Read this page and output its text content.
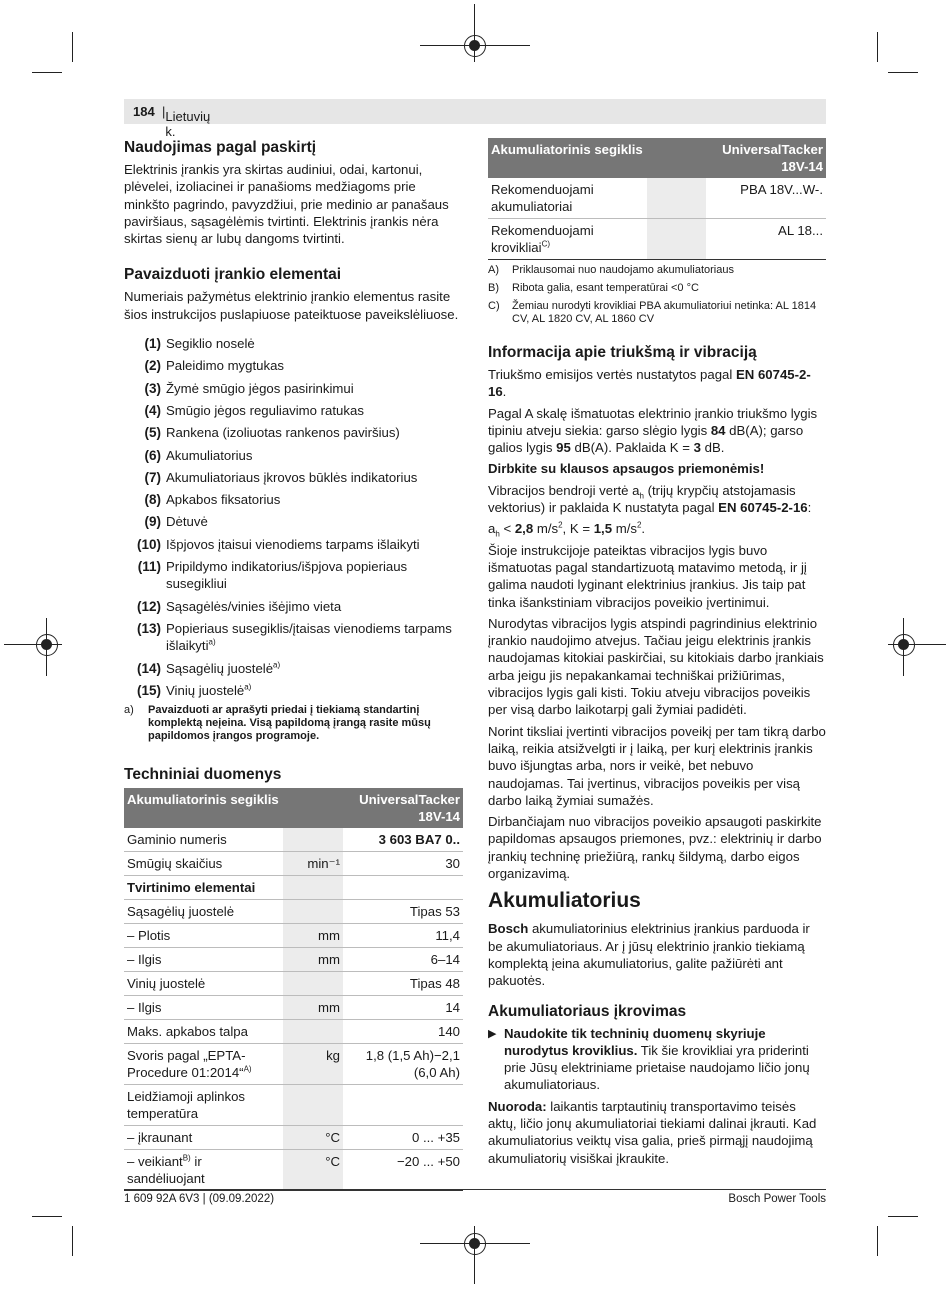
184 | Lietuvių k.
Naudojimas pagal paskirtį

Elektrinis įrankis yra skirtas audiniui, odai, kartonui, plėvelei, izoliacinei ir panašioms medžiagoms prie minkšto pagrindo, pavyzdžiui, prie medinio ar panašaus paviršiaus, sąsagėlėmis tvirtinti. Elektrinis įrankis nėra skirtas sienų ar lubų dangoms tvirtinti.

Pavaizduoti įrankio elementai

Numeriais pažymėtus elektrinio įrankio elementus rasite šios instrukcijos puslapiuose pateiktuose paveikslėliuose.

(1) Segiklio noselė
(2) Paleidimo mygtukas
(3) Žymė smūgio jėgos pasirinkimui
(4) Smūgio jėgos reguliavimo ratukas
(5) Rankena (izoliuotas rankenos paviršius)
(6) Akumuliatorius
(7) Akumuliatoriaus įkrovos būklės indikatorius
(8) Apkabos fiksatorius
(9) Dėtuvė
(10) Išpjovos įtaisui vienodiems tarpams išlaikyti
(11) Pripildymo indikatorius/išpjova popieriaus susegikliui
(12) Sąsagėlės/vinies išėjimo vieta
(13) Popieriaus susegiklis/įtaisas vienodiems tarpams išlaikyti$^{a)}$
(14) Sąsagėlių juostelė$^{a)}$
(15) Vinių juostelė$^{a)}$
a)	Pavaizduoti ar aprašyti priedai į tiekiamą standartinį komplektą neįeina. Visą papildomą įrangą rasite mūsų papildomos įrangos programoje.
Techniniai duomenys
Akumuliatorinis segiklis		UniversalTacker 18V-14
Gaminio numeris		3 603 BA7 0..
Smūgių skaičius	min⁻¹	30
Tvirtinimo elementai		
Sąsagėlių juostelė		Tipas 53
– Plotis	mm	11,4
– Ilgis	mm	6–14
Vinių juostelė		Tipas 48
– Ilgis	mm	14
Maks. apkabos talpa		140
Svoris pagal „EPTA-Procedure 01:2014“$^{A)}$	kg	1,8 (1,5 Ah)−2,1 (6,0 Ah)
Leidžiamoji aplinkos temperatūra		
– įkraunant	°C	0 ... +35
– veikiant$^{B)}$ ir sandėliuojant	°C	−20 ... +50
Akumuliatorinis segiklis		UniversalTacker 18V-14
Rekomenduojami akumuliatoriai		PBA 18V...W-.
Rekomenduojami krovikliai$^{C)}$		AL 18...
A)	Priklausomai nuo naudojamo akumuliatoriaus
B)	Ribota galia, esant temperatūrai <0 °C
C)	Žemiau nurodyti krovikliai PBA akumuliatoriui netinka: AL 1814 CV, AL 1820 CV, AL 1860 CV
Informacija apie triukšmą ir vibraciją

Triukšmo emisijos vertės nustatytos pagal EN 60745-2-16.

Pagal A skalę išmatuotas elektrinio įrankio triukšmo lygis tipiniu atveju siekia: garso slėgio lygis 84 dB(A); garso galios lygis 95 dB(A). Paklaida K = 3 dB.

Dirbkite su klausos apsaugos priemonėmis!

Vibracijos bendroji vertė $a_h$ (trijų krypčių atstojamasis vektorius) ir paklaida K nustatyta pagal EN 60745-2-16:

$a_h < 2,8$ $m/s^2$, K = 1,5 $m/s^2$.

Šioje instrukcijoje pateiktas vibracijos lygis buvo išmatuotas pagal standartizuotą matavimo metodą, ir jį galima naudoti lyginant elektrinius įrankius. Jis taip pat tinka išankstiniam vibracijos poveikio įvertinimui.

Nurodytas vibracijos lygis atspindi pagrindinius elektrinio įrankio naudojimo atvejus. Tačiau jeigu elektrinis įrankis naudojamas kitokiai paskirčiai, su kitokiais darbo įrankiais arba jeigu jis nepakankamai techniškai prižiūrimas, vibracijos lygis gali kisti. Tokiu atveju vibracijos poveikis per visą darbo laikotarpį gali žymiai padidėti.

Norint tiksliai įvertinti vibracijos poveikį per tam tikrą darbo laiką, reikia atsižvelgti ir į laiką, per kurį elektrinis įrankis buvo išjungtas arba, nors ir veikė, bet nebuvo naudojamas. Tai įvertinus, vibracijos poveikis per visą darbo laiką žymiai sumažės.

Dirbančiajam nuo vibracijos poveikio apsaugoti paskirkite papildomas apsaugos priemones, pvz.: elektrinių ir darbo įrankių techninę priežiūrą, rankų šildymą, darbo eigos organizavimą.

Akumuliatorius

Bosch akumuliatorinius elektrinius įrankius parduoda ir be akumuliatoriaus. Ar į jūsų elektrinio įrankio tiekiamą komplektą įeina akumuliatorius, galite pažiūrėti ant pakuotės.

Akumuliatoriaus įkrovimas
▶ Naudokite tik techninių duomenų skyriuje nurodytus kroviklius. Tik šie krovikliai yra priderinti prie Jūsų elektriniame prietaise naudojamo ličio jonų akumuliatoriaus.

Nuoroda: laikantis tarptautinių transportavimo teisės aktų, ličio jonų akumuliatoriai tiekiami dalinai įkrauti. Kad akumuliatorius veiktų visa galia, prieš pirmąjį naudojimą akumuliatorių visiškai įkraukite.

1 609 92A 6V3 | (09.09.2022)	Bosch Power Tools
